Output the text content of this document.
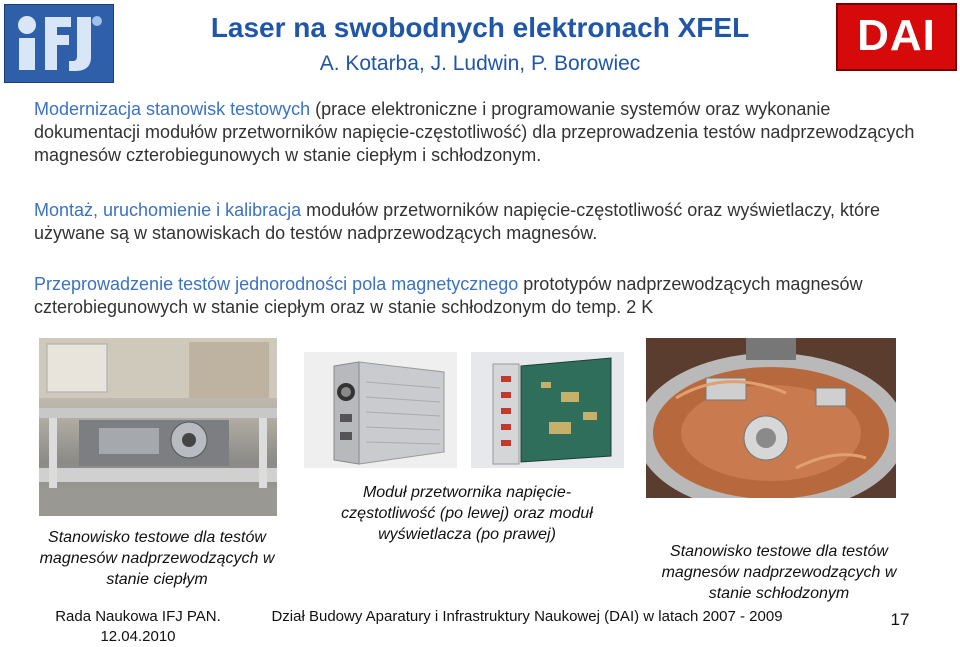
DAI
Laser na swobodnych elektronach XFEL
A. Kotarba, J. Ludwin, P. Borowiec
Modernizacja stanowisk testowych (prace elektroniczne i programowanie systemów oraz wykonanie dokumentacji modułów przetworników napięcie-częstotliwość) dla przeprowadzenia testów nadprzewodzących magnesów czterobiegunowych w stanie ciepłym i schłodzonym.
Montaż, uruchomienie i kalibracja modułów przetworników napięcie-częstotliwość oraz wyświetlaczy, które używane są w stanowiskach do testów nadprzewodzących magnesów.
Przeprowadzenie testów jednorodności pola magnetycznego prototypów nadprzewodzących magnesów czterobiegunowych w stanie ciepłym oraz w stanie schłodzonym do temp. 2 K
Stanowisko testowe dla testów magnesów nadprzewodzących w stanie ciepłym
Moduł przetwornika napięcie-częstotliwość (po lewej) oraz moduł wyświetlacza (po prawej)
Stanowisko testowe dla testów magnesów nadprzewodzących w stanie schłodzonym
Rada Naukowa IFJ PAN.
12.04.2010
Dział Budowy Aparatury i Infrastruktury Naukowej (DAI) w latach 2007 - 2009	17
